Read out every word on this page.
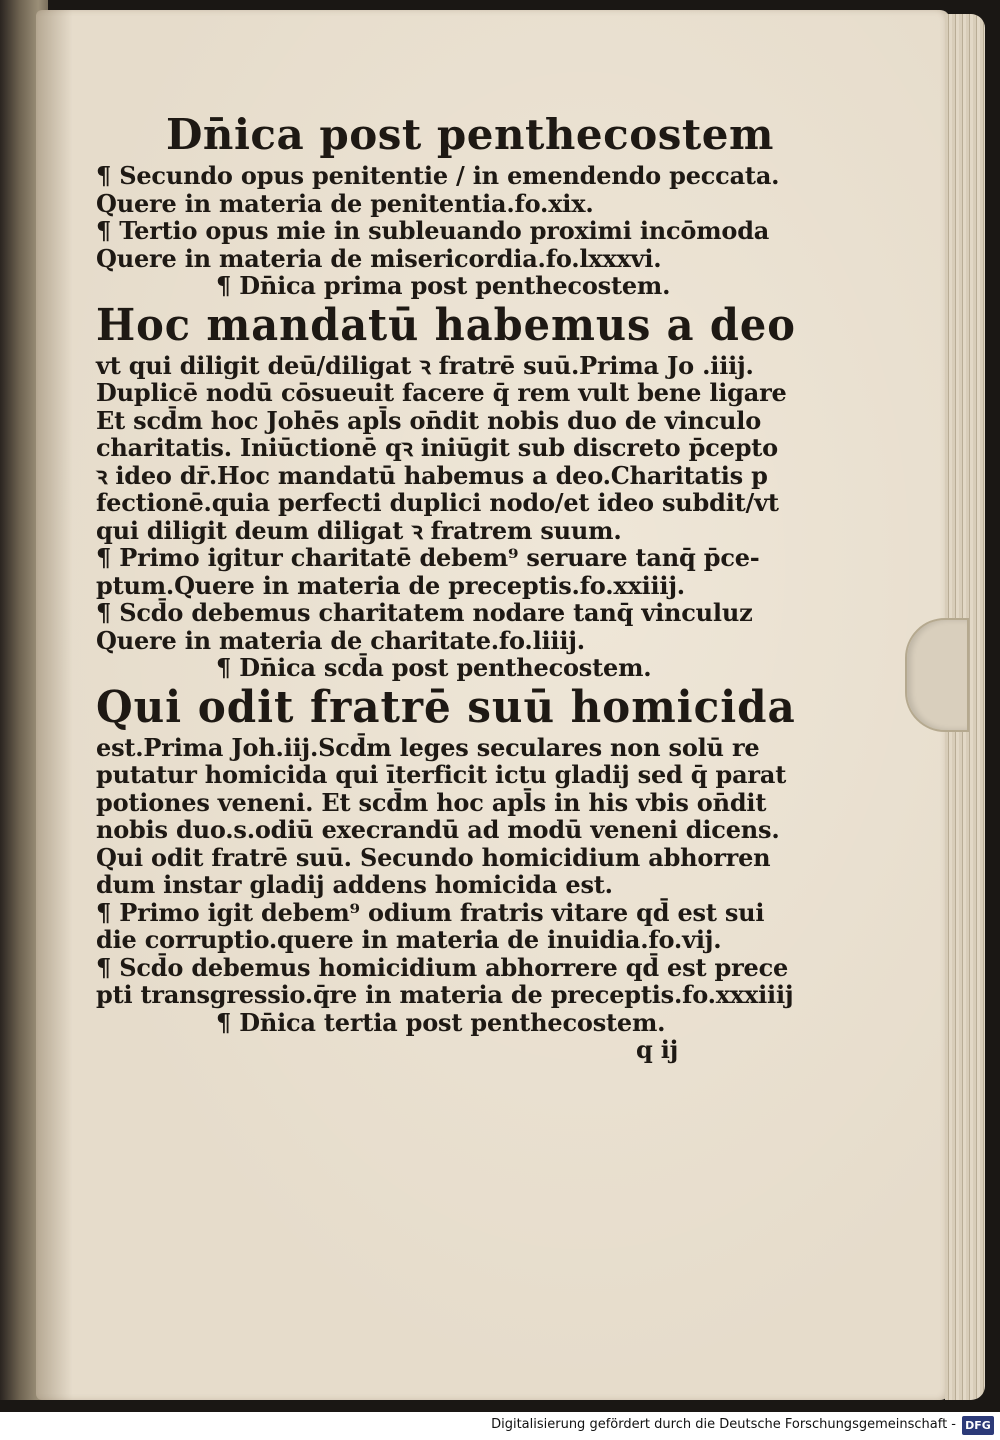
Dn̄ica post penthecostem
¶ Secundo opus penitentie / in emendendo peccata.
Quere in materia de penitentia.fo.xix.
¶ Tertio opus mie in subleuando proximi incōmoda
Quere in materia de misericordia.fo.lxxxvi.
¶ Dn̄ica prima post penthecostem.
Hoc mandatū habemus a deo
vt qui diligit deū/diligat ꝛ fratrē suū.Prima Jo .iiij.
Duplicē nodū cōsueuit facere q̄ rem vult bene ligare
Et scd̄m hoc Johēs apl̄s on̄dit nobis duo de vinculo
charitatis. Iniūctionē qꝛ iniūgit sub discreto p̄cepto
ꝛ ideo dr̄.Hoc mandatū habemus a deo.Charitatis p
fectionē.quia perfecti duplici nodo/et ideo subdit/vt
qui diligit deum diligat ꝛ fratrem suum.
¶ Primo igitur charitatē debem⁹ seruare tanq̄ p̄ce-
ptum.Quere in materia de preceptis.fo.xxiiij.
¶ Scd̄o debemus charitatem nodare tanq̄ vinculuz
Quere in materia de charitate.fo.liiij.
¶ Dn̄ica scd̄a post penthecostem.
Qui odit fratrē suū homicida
est.Prima Joh.iij.Scd̄m leges seculares non solū re
putatur homicida qui īterficit ictu gladij sed q̄ parat
potiones veneni. Et scd̄m hoc apl̄s in his vbis on̄dit
nobis duo.s.odiū execrandū ad modū veneni dicens.
Qui odit fratrē suū. Secundo homicidium abhorren
dum instar gladij addens homicida est.
¶ Primo igit debem⁹ odium fratris vitare qd̄ est sui
die corruptio.quere in materia de inuidia.fo.vij.
¶ Scd̄o debemus homicidium abhorrere qd̄ est prece
pti transgressio.q̄re in materia de preceptis.fo.xxxiiij
¶ Dn̄ica tertia post penthecostem.
q ij
Digitalisierung gefördert durch die Deutsche Forschungsgemeinschaft - DFG
